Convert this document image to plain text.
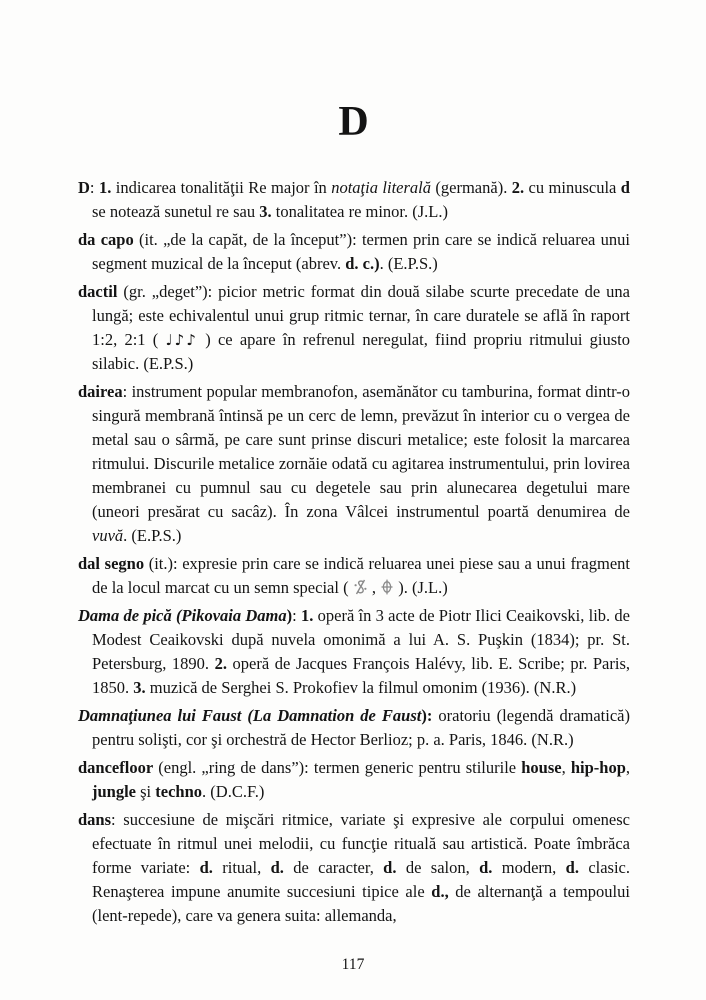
D

D: 1. indicarea tonalităţii Re major în notaţia literală (germană). 2. cu minuscula d se notează sunetul re sau 3. tonalitatea re minor. (J.L.)

da capo (it. „de la capăt, de la început”): termen prin care se indică reluarea unui segment muzical de la început (abrev. d. c.). (E.P.S.)

dactil (gr. „deget”): picior metric format din două silabe scurte precedate de una lungă; este echivalentul unui grup ritmic ternar, în care duratele se află în raport 1:2, 2:1 ( ♩♪♪ ) ce apare în refrenul neregulat, fiind propriu ritmului giusto silabic. (E.P.S.)

dairea: instrument popular membranofon, asemănător cu tamburina, format dintr-o singură membrană întinsă pe un cerc de lemn, prevăzut în interior cu o vergea de metal sau o sârmă, pe care sunt prinse discuri metalice; este folosit la marcarea ritmului. Discurile metalice zornăie odată cu agitarea instrumentului, prin lovirea membranei cu pumnul sau cu degetele sau prin alunecarea degetului mare (uneori presărat cu sacâz). În zona Vâlcei instrumentul poartă denumirea de vuvă. (E.P.S.)

dal segno (it.): expresie prin care se indică reluarea unei piese sau a unui fragment de la locul marcat cu un semn special (
,
). (J.L.)

Dama de pică (Pikovaia Dama): 1. operă în 3 acte de Piotr Ilici Ceaikovski, lib. de Modest Ceaikovski după nuvela omonimă a lui A. S. Puşkin (1834); pr. St. Petersburg, 1890. 2. operă de Jacques François Halévy, lib. E. Scribe; pr. Paris, 1850. 3. muzică de Serghei S. Prokofiev la filmul omonim (1936). (N.R.)

Damnaţiunea lui Faust (La Damnation de Faust): oratoriu (legendă dramatică) pentru solişti, cor şi orchestră de Hector Berlioz; p. a. Paris, 1846. (N.R.)

dancefloor (engl. „ring de dans”): termen generic pentru stilurile house, hip-hop, jungle şi techno. (D.C.F.)

dans: succesiune de mişcări ritmice, variate şi expresive ale corpului omenesc efectuate în ritmul unei melodii, cu funcţie rituală sau artistică. Poate îmbrăca forme variate: d. ritual, d. de caracter, d. de salon, d. modern, d. clasic. Renaşterea impune anumite succesiuni tipice ale d., de alternanţă a tempoului (lent-repede), care va genera suita: allemanda,

117
